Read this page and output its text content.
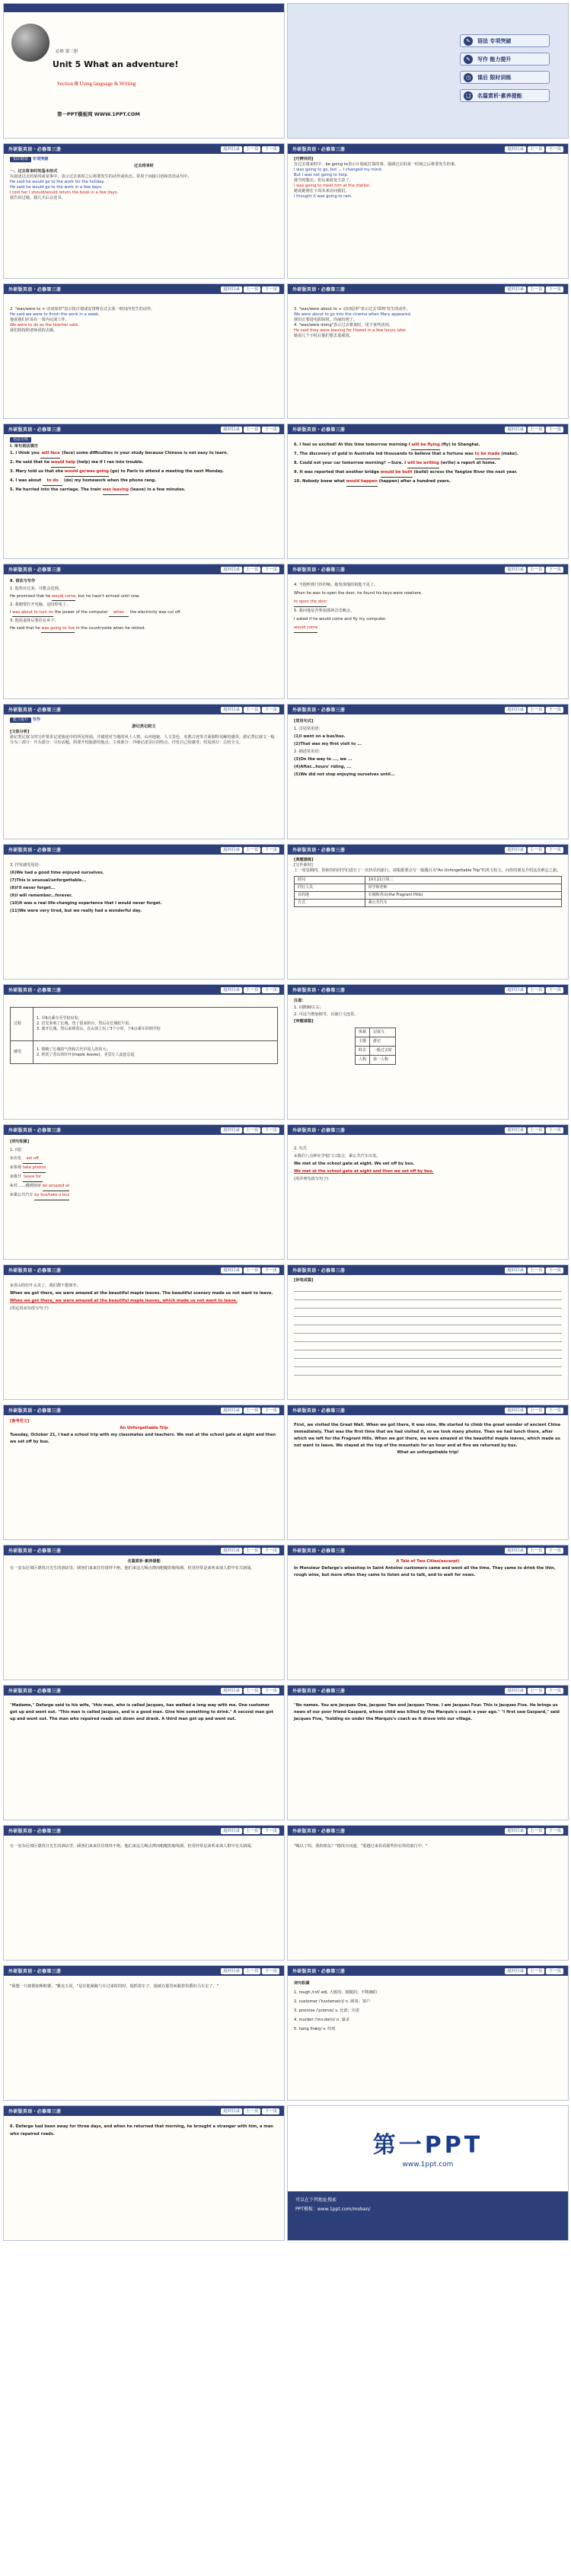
必修 第三册
Unit 5 What an adventure!
Section Ⅲ Using language & Writing
第一PPT模板网 WWW.1PPT.COM
✎	语法 专项突破
✎	写作 能力提升
◷	课后 限时训练
❏	名篇赏析·素养提能
外研版英语・必修第三册	返回目录	上一页	下一页
知识精要 专项突破
过去将来时
一、过去将来时的基本形式
在叙述过去的某时或某事中，表示过去某时之后将要发生的动作或状态。常用于间接引语和宾语从句中。
He said he would go to the work for the holiday.
He said he would go to the work in a few days.
I told her I should/would return the book in a few days.
我告诉过她，我几天后会还书。
外研版英语・必修第三册	返回目录	上一页	下一页
[巧辨异同]
在过去将来时中，be going to表示计划或打算的事，强调过去的某一时刻之后将要发生的事。
I was going to go, but ... I changed my mind.
But I was not going to help.
我当时想去，但后来改变主意了。
I was going to meet him at the station.
她说她将在下周末来访问我们。
I thought it was going to rain.
外研版英语・必修第三册	返回目录	上一页	下一页
2. "was/were to + 动词原形"表示按计划或安排将在过去某一时间内发生的动作。
He said we were to finish the work in a week.
他说我们应该在一周内完成工作。
We were to do as the teacher said.
我们将按照老师说的去做。
外研版英语・必修第三册	返回目录	上一页	下一页
3. "was/were about to + 动词原形"表示过去'即将'发生的动作。
We were about to go into the cinema when Mary appeared.
我们正要进电影院时，玛丽出现了。
4. "was/were doing"表示过去将来时，用于某些动词。
He said they were leaving for Hawaii in a few hours later.
她说几个小时后他们要去夏威夷。
外研版英语・必修第三册	返回目录	上一页	下一页
语法专练
Ⅰ. 单句语法填空
1. I think you will face (face) some difficulties in your study because Chinese is not easy to learn.
2. He said that he would help (help) me if I ran into trouble.
3. Mary told us that she would go/was going (go) to Paris to attend a meeting the next Monday.
4. I was about to do (do) my homework when the phone rang.
5. He hurried into the carriage. The train was leaving (leave) in a few minutes.
外研版英语・必修第三册	返回目录	上一页	下一页
6. I feel so excited! At this time tomorrow morning I will be flying (fly) to Shanghai.
7. The discovery of gold in Australia led thousands to believe that a fortune was to be made (make).
8. Could not your car tomorrow morning? —Sure. I will be writing (write) a report at home.
9. It was reported that another bridge would be built (build) across the Yangtze River the next year.
10. Nobody knew what would happen (happen) after a hundred years.
外研版英语・必修第三册	返回目录	上一页	下一页
Ⅱ. 语法与写作
1. 他答应过来，可能会迟到。
He promised that he would come, but he hasn't arrived until now.
2. 我刚要打开电脑，这时停电了。
I was about to turn on the power of the computer when the electricity was cut off.
3. 他说退休后要住在乡下。
He said that he was going to live in the countryside when he retired.
外研版英语・必修第三册	返回目录	上一页	下一页
4. 当他听到门铃的响，他发现他的钥匙不见了。
When he was to open the door, he found his keys were nowhere.
to open the door
5. 我问他是否参加那场音乐晚会。
I asked if he would come and fly my computer.
would come
外研版英语・必修第三册	返回目录	上一页	下一页
能力提升 写作
游记类记叙文
[文体分析]
游记类记叙文的写作要求记述旅途中的所见所闻，并描述对当地的风土人情、山河地貌、人文景色、名胜古迹等方面独特见解的感受。游记类记叙文一般分为三部分：开头部分：引出话题，简要介绍旅游的地点；主体部分：详细记述景区的特点，抒发自己的感受；结尾部分：总结全文。
外研版英语・必修第三册	返回目录	上一页	下一页
[常用句式]
1. 首尾常用语：
(1)I went on a bus/bus.
(2)That was my first visit to ...
2. 描述常用语：
(3)On the way to ..., we ...
(4)After...hours' riding, ...
(5)We did not stop enjoying ourselves until...
外研版英语・必修第三册	返回目录	上一页	下一页
3. 抒发感受用语：
(6)We had a good time enjoyed ourselves.
(7)This is unusual/unforgettable...
(8)I'll never forget...
(9)I will remember...forever.
(10)It was a real life-changing experience that I would never forget.
(11)We were very tired, but we really had a wonderful day.
外研版英语・必修第三册	返回目录	上一页	下一页
[典题演练]
[写作素材]
上一周星期四，你和你的同学们进行了一次快乐的旅行，请根据要点写一篇题目为"An Unforgettable Trip"的英文短文，向你的朋友介绍这次难忘之旅。
时间	10月21日周二
同行人员	同学和老师
目的地	长城和香山(the Fragrant Hills)
方式	乘公共汽车
外研版英语・必修第三册	返回目录	上一页	下一页
过程	1. 早6点乘车至学校出发；
2. 首先参观了长城，登了很多阶台，然后在长城吃午饭；
3. 离开长城，然后来到香山，在山顶上玩了3个小时，下6点乘车回到学校
感受	1. 领略了长城的气势和古代中国人的伟大；
2. 欣赏了香山的红叶(maple leaves)，美景让人流连忘返
外研版英语・必修第三册	返回目录	上一页	下一页
注意：
1. 词数80左右；
2. 可适当增加细节，以使行文连贯。
[审题谋篇]
体裁	记叙文
主题	游记
时态	一般过去时
人称	第一人称
外研版英语・必修第三册	返回目录	上一页	下一页
[词句积累]
1. 词汇
①出发 set off
②参观 take photos
③离开 leave for
④对……感到惊讶 be amazed at
⑤乘公共汽车 by bus/take a bus
外研版英语・必修第三册	返回目录	上一页	下一页
2. 句式
①我们八点钟在学校门口集合，乘公共汽车出发。
We met at the school gate at eight. We set off by bus.
We met at the school gate at eight and then we set off by bus.
(用并列句改写句子)
外研版英语・必修第三册	返回目录	上一页	下一页
③香山的红叶太美了，我们都不想离开。
When we got there, we were amazed at the beautiful maple leaves. The beautiful scenery made us not want to leave.
When we got there, we were amazed at the beautiful maple leaves, which made us not want to leave.
(用定语从句改写句子)
外研版英语・必修第三册	返回目录	上一页	下一页
[妙笔成篇]
外研版英语・必修第三册	返回目录	上一页	下一页
[参考范文]
An Unforgettable Trip
Tuesday, October 21, I had a school trip with my classmates and teachers. We met at the school gate at eight and then we set off by bus.
外研版英语・必修第三册	返回目录	上一页	下一页
First, we visited the Great Wall. When we got there, it was nine. We started to climb the great wonder of ancient China immediately. That was the first time that we had visited it, so we took many photos. Then we had lunch there, after which we left for the Fragrant Hills. When we got there, we were amazed at the beautiful maple leaves, which made us not want to leave. We stayed at the top of the mountain for an hour and at five we returned by bus.
What an unforgettable trip!
外研版英语・必修第三册	返回目录	上一页	下一页
名篇赏析·素养提能
在一安东尼郊区德伐日先生的酒店里，顾客们来来往往络绎不绝。他们来这儿喝点薄而粗糙的葡萄酒，但更经常是来听来谈人群中有关新闻。
外研版英语・必修第三册	返回目录	上一页	下一页
A Tale of Two Cities(excerpt)
In Monsieur Defarge's wineshop in Saint Antoine customers came and went all the time. They came to drink the thin, rough wine, but more often they came to listen and to talk, and to wait for news.
外研版英语・必修第三册	返回目录	上一页	下一页
"Madame," Defarge said to his wife, "this man, who is called Jacques, has walked a long way with me. One customer got up and went out. "This man is called Jacques, and is a good man. Give him something to drink." A second man got up and went out. The man who repaired roads sat down and drank. A third man got up and went out.
外研版英语・必修第三册	返回目录	上一页	下一页
"No names. You are Jacques One, Jacques Two and Jacques Three. I am Jacques Four. This is Jacques Five. He brings us news of our poor friend Gaspard, whose child was killed by the Marquis's coach a year ago." "I first saw Gaspard," said Jacques Five, "holding on under the Marquis's coach as it drove into our village.
外研版英语・必修第三册	返回目录	上一页	下一页
在一安东尼郊区德伐日先生的酒店里，顾客们来来往往络绎不绝。他们来这儿喝点薄而粗糙的葡萄酒，但更经常是来听来谈人群中有关新闻。
外研版英语・必修第三册	返回目录	上一页	下一页
"喝以了吗，我的朋友？"德伐日问道。"重越过来看看那些你在你的旅行中。"
外研版英语・必修第三册	返回目录	上一页	下一页
"我想一只雇佣加斯帕德，"雅克五说，"是在他紧跑与车过来时的时，他抓着车子。他就在那里而跟着侯爵的马车走了。"
外研版英语・必修第三册	返回目录	上一页	下一页
词句积累
1. rough /rʌf/ adj. 大致的；粗糙的；不精确的
2. customer /ˈkʌstəmə(r)/ n. 顾客；客户
3. promise /ˈprɒmɪs/ v. 允诺；许诺
4. murder /ˈmɜːdə(r)/ n. 谋杀
5. hang /hæŋ/ v. 绞死
外研版英语・必修第三册	返回目录	上一页	下一页
6. Defarge had been away for three days, and when he returned that morning, he brought a stranger with him, a man who repaired roads.	第一PPT
www.1ppt.com
可以在下列地址搜索
PPT模板：www.1ppt.com/moban/
